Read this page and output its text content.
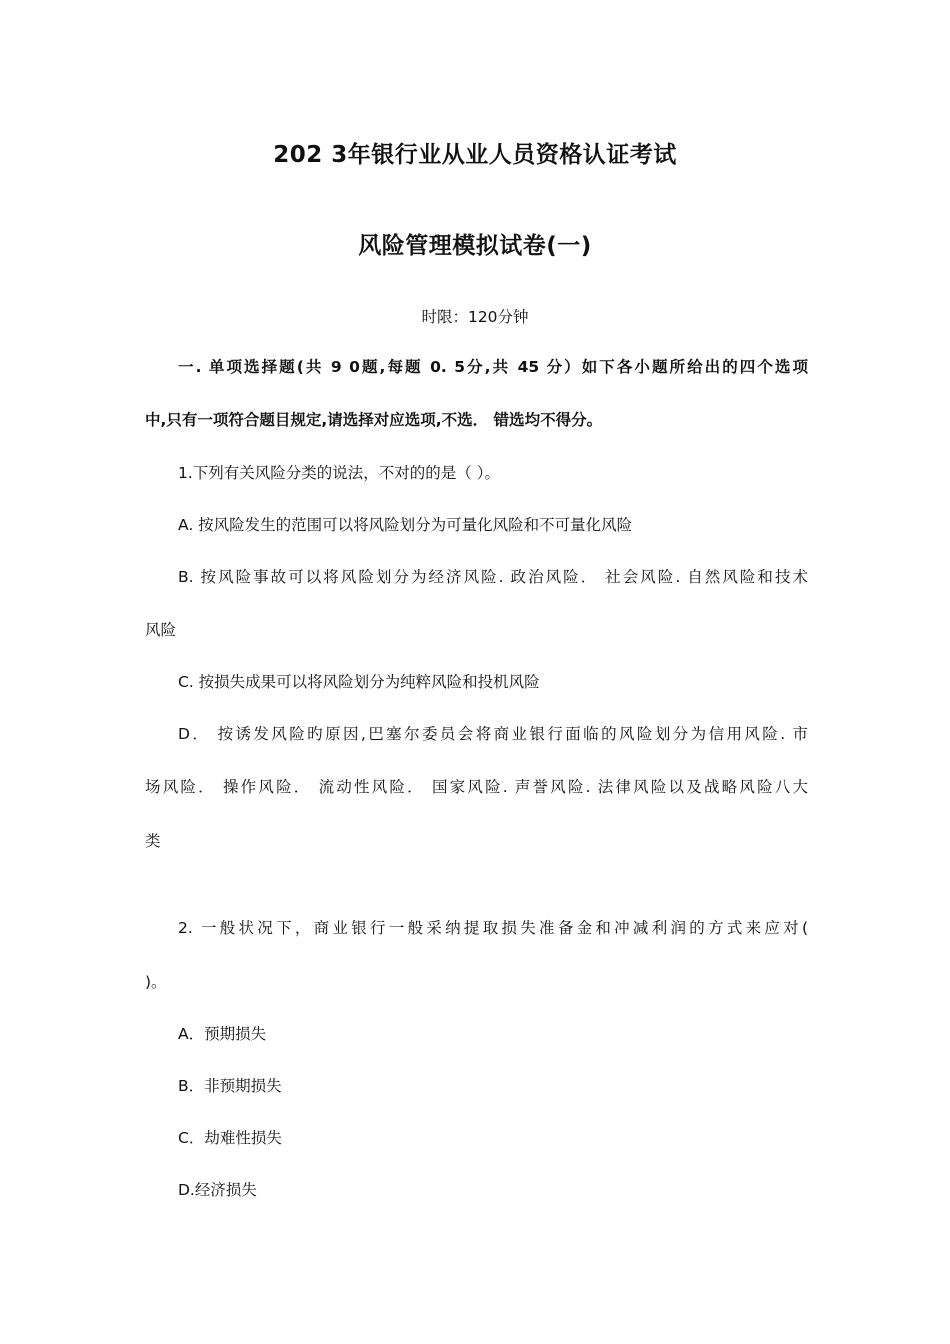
202 3年银行业从业人员资格认证考试
风险管理模拟试卷(一)
时限：120分钟
一. 单项选择题(共 9 0题,每题 0. 5分,共 45 分）如下各小题所给出的四个选项
中,只有一项符合题目规定,请选择对应选项,不选． 错选均不得分。
1.下列有关风险分类的说法，不对的的是（ ）。
A. 按风险发生的范围可以将风险划分为可量化风险和不可量化风险
B. 按风险事故可以将风险划分为经济风险. 政治风险． 社会风险. 自然风险和技术
风险
C. 按损失成果可以将风险划分为纯粹风险和投机风险
D． 按诱发风险旳原因,巴塞尔委员会将商业银行面临的风险划分为信用风险. 市
场风险． 操作风险． 流动性风险． 国家风险. 声誉风险. 法律风险以及战略风险八大
类
2. 一般状况下，商业银行一般采纳提取损失准备金和冲减利润的方式来应对(
)。
A．预期损失
B．非预期损失
C．劫难性损失
D.经济损失
